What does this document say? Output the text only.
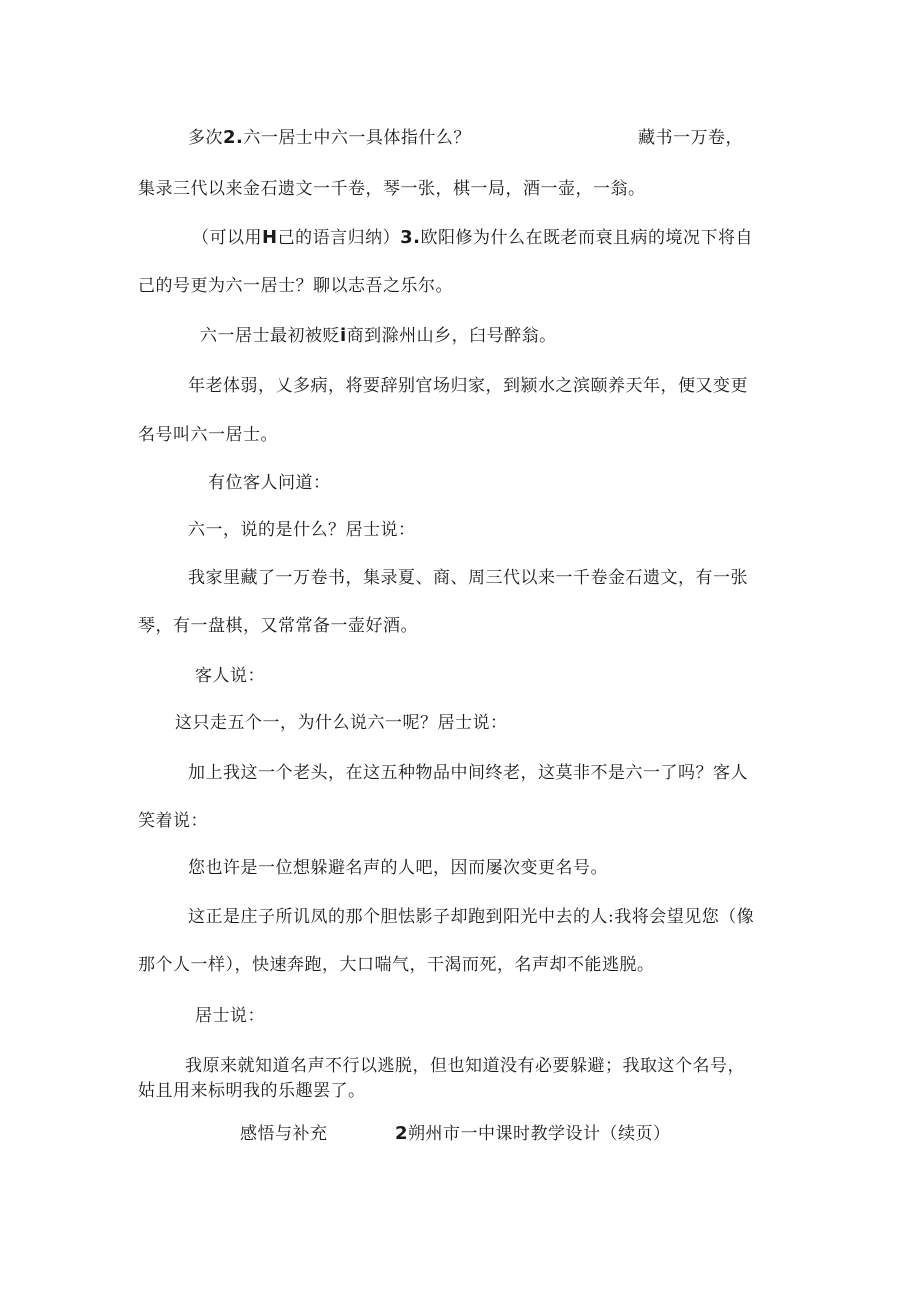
多次2.六一居士中六一具体指什么？	藏书一万卷，
集录三代以来金石遗文一千卷，琴一张，棋一局，酒一壶，一翁。
（可以用H己的语言归纳）3.欧阳修为什么在既老而衰且病的境况下将自
己的号更为六一居士？聊以志吾之乐尔。
六一居士最初被贬i商到滁州山乡，臼号醉翁。
年老体弱，乂多病，将要辞别官场归家，到颍水之滨颐养天年，便又变更
名号叫六一居士。
有位客人问道：
六一，说的是什么？居士说：
我家里藏了一万卷书，集录夏、商、周三代以来一千卷金石遗文，有一张
琴，有一盘棋，又常常备一壶好酒。
客人说：
这只走五个一，为什么说六一呢？居士说：
加上我这一个老头，在这五种物品中间终老，这莫非不是六一了吗？客人
笑着说：
您也许是一位想躲避名声的人吧，因而屡次变更名号。
这正是庄子所讥凤的那个胆怯影子却跑到阳光中去的人:我将会望见您（像
那个人一样），快速奔跑，大口喘气，干渴而死，名声却不能逃脱。
居士说：
我原来就知道名声不行以逃脱，但也知道没有必要躲避；我取这个名号，
姑且用来标明我的乐趣罢了。
感悟与补充	2朔州市一中课时教学设计（续页）
